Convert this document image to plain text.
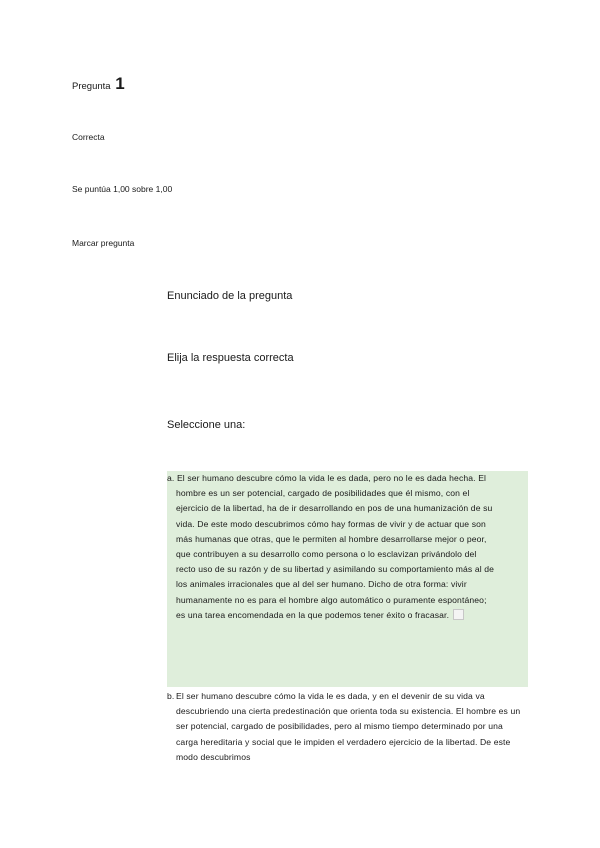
Pregunta 1
Correcta
Se puntúa 1,00 sobre 1,00
Marcar pregunta
Enunciado de la pregunta
Elija la respuesta correcta
Seleccione una:
a. El ser humano descubre cómo la vida le es dada, pero no le es dada hecha. El hombre es un ser potencial, cargado de posibilidades que él mismo, con el ejercicio de la libertad, ha de ir desarrollando en pos de una humanización de su vida. De este modo descubrimos cómo hay formas de vivir y de actuar que son más humanas que otras, que le permiten al hombre desarrollarse mejor o peor, que contribuyen a su desarrollo como persona o lo esclavizan privándolo del recto uso de su razón y de su libertad y asimilando su comportamiento más al de los animales irracionales que al del ser humano. Dicho de otra forma: vivir humanamente no es para el hombre algo automático o puramente espontáneo; es una tarea encomendada en la que podemos tener éxito o fracasar.
b. El ser humano descubre cómo la vida le es dada, y en el devenir de su vida va descubriendo una cierta predestinación que orienta toda su existencia. El hombre es un ser potencial, cargado de posibilidades, pero al mismo tiempo determinado por una carga hereditaria y social que le impiden el verdadero ejercicio de la libertad. De este modo descubrimos
